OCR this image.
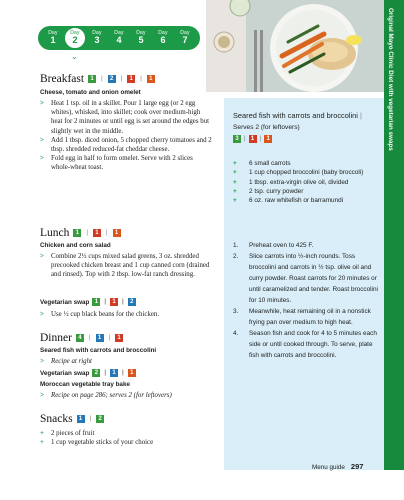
Day
1
Day
2
Day
3
Day
4
Day
5
Day
6
Day
7
⌄	Original Mayo Clinic Diet with vegetarian swaps
Breakfast	1	|	2	|	1	|	1
Cheese, tomato and onion omelet
> Heat 1 tsp. oil in a skillet. Pour 1 large egg (or 2 egg whites), whisked, into skillet; cook over medium-high heat for 2 minutes or until egg is set around the edges but slightly wet in the middle.
> Add 1 tbsp. diced onion, 5 chopped cherry tomatoes and 2 tbsp. shredded reduced-fat cheddar cheese.
> Fold egg in half to form omelet. Serve with 2 slices whole-wheat toast.
Lunch	1	|	1	|	1
Chicken and corn salad
> Combine 2½ cups mixed salad greens, 3 oz. shredded precooked chicken breast and 1 cup canned corn (drained and rinsed). Top with 2 tbsp. low-fat ranch dressing.
Vegetarian swap 1	|	1	|	2
> Use ½ cup black beans for the chicken.
Dinner	4	|	1	|	1
Seared fish with carrots and broccolini
> Recipe at right
Vegetarian swap 2	|	1	|	1
Moroccan vegetable tray bake
> Recipe on page 286; serves 2 (for leftovers)
Snacks	1	|	2
+ 2 pieces of fruit
+ 1 cup vegetable sticks of your choice
Seared fish with carrots and broccolini | Serves 2 (for leftovers)
3 | 1 | 1
+ 6 small carrots
+ 1 cup chopped broccolini (baby broccoli)
+ 1 tbsp. extra-virgin olive oil, divided
+ 2 tsp. curry powder
+ 6 oz. raw whitefish or barramundi
1. Preheat oven to 425 F.
2. Slice carrots into ½-inch rounds. Toss broccolini and carrots in ½ tsp. olive oil and curry powder. Roast carrots for 20 minutes or until caramelized and tender. Roast broccolini for 10 minutes.
3. Meanwhile, heat remaining oil in a nonstick frying pan over medium to high heat.
4. Season fish and cook for 4 to 5 minutes each side or until cooked through. To serve, plate fish with carrots and broccolini.
Menu guide 297
